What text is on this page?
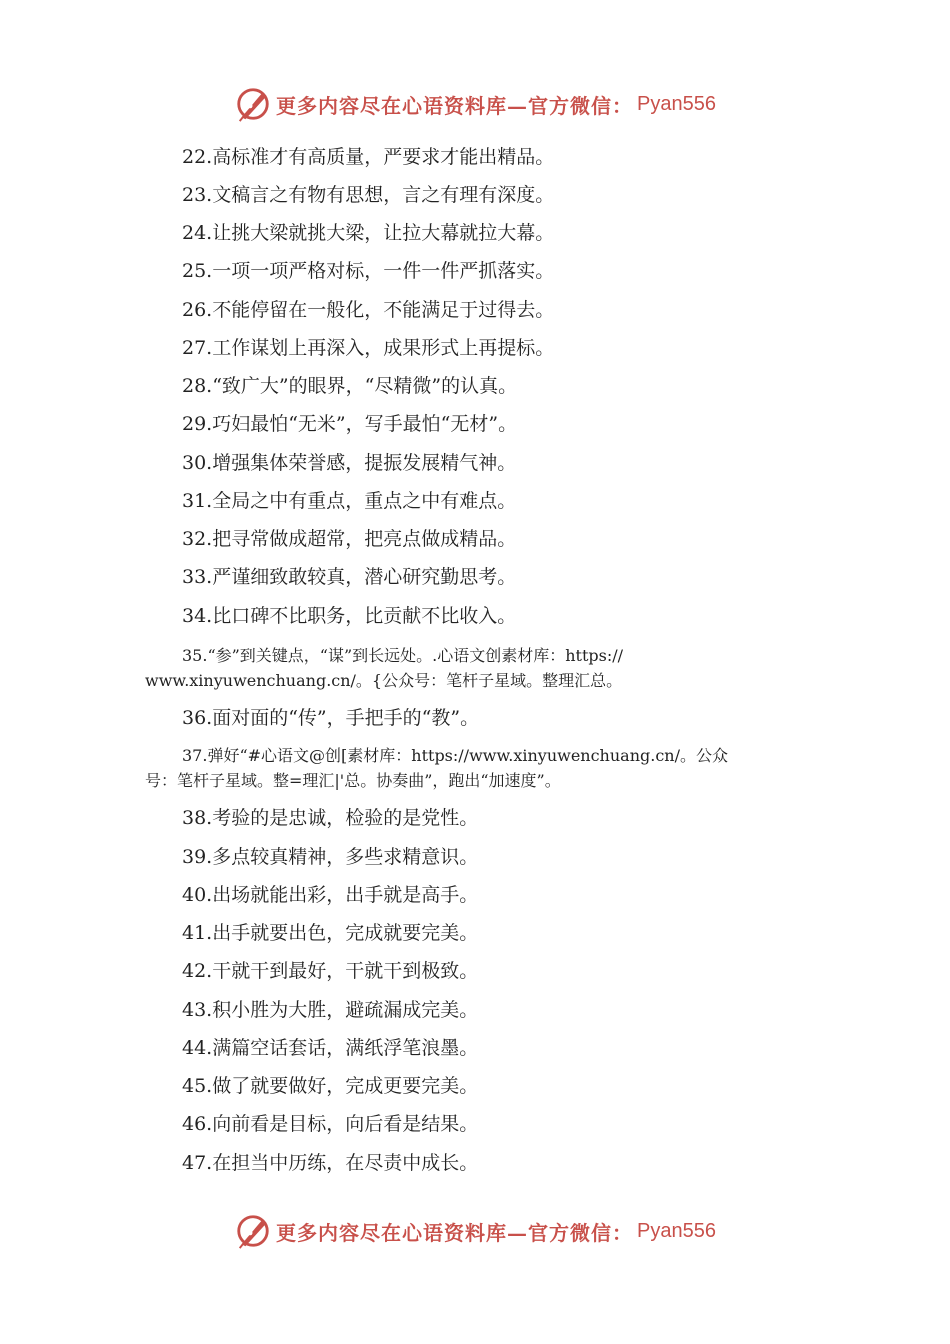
更多内容尽在心语资料库—官方微信： Pyan556
22.高标准才有高质量，严要求才能出精品。
23.文稿言之有物有思想，言之有理有深度。
24.让挑大梁就挑大梁，让拉大幕就拉大幕。
25.一项一项严格对标，一件一件严抓落实。
26.不能停留在一般化，不能满足于过得去。
27.工作谋划上再深入，成果形式上再提标。
28.“致广大”的眼界，“尽精微”的认真。
29.巧妇最怕“无米”，写手最怕“无材”。
30.增强集体荣誉感，提振发展精气神。
31.全局之中有重点，重点之中有难点。
32.把寻常做成超常，把亮点做成精品。
33.严谨细致敢较真，潜心研究勤思考。
34.比口碑不比职务，比贡献不比收入。
35.“参”到关键点，“谋”到长远处。.心语文创素材库：https://
www.xinyuwenchuang.cn/。{公众号：笔杆子星域。整理汇总。
36.面对面的“传”，手把手的“教”。
37.弹好“#心语文@创[素材库：https://www.xinyuwenchuang.cn/。公众
号：笔杆子星域。整=理汇|'总。协奏曲”，跑出“加速度”。
38.考验的是忠诚，检验的是党性。
39.多点较真精神，多些求精意识。
40.出场就能出彩，出手就是高手。
41.出手就要出色，完成就要完美。
42.干就干到最好，干就干到极致。
43.积小胜为大胜，避疏漏成完美。
44.满篇空话套话，满纸浮笔浪墨。
45.做了就要做好，完成更要完美。
46.向前看是目标，向后看是结果。
47.在担当中历练，在尽责中成长。
更多内容尽在心语资料库—官方微信： Pyan556
